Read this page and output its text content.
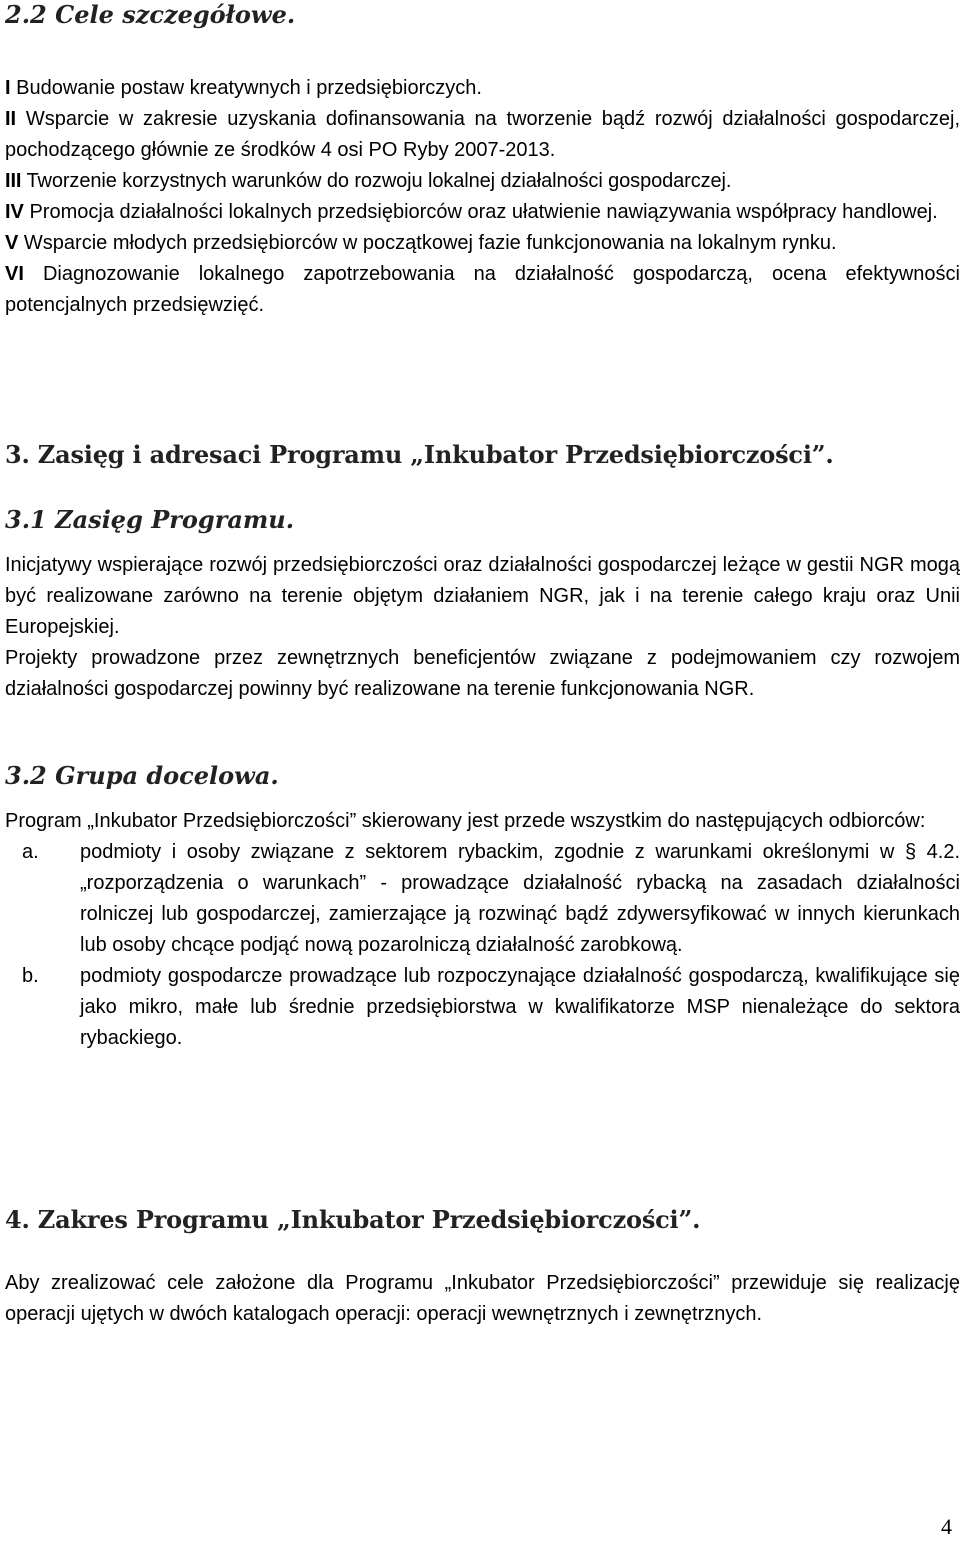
2.2 Cele szczegółowe.

I Budowanie postaw kreatywnych i przedsiębiorczych.

II Wsparcie w zakresie uzyskania dofinansowania na tworzenie bądź rozwój działalności gospodarczej, pochodzącego głównie ze środków 4 osi PO Ryby 2007-2013.

III Tworzenie korzystnych warunków do rozwoju lokalnej działalności gospodarczej.

IV Promocja działalności lokalnych przedsiębiorców oraz ułatwienie nawiązywania współpracy handlowej.

V Wsparcie młodych przedsiębiorców w początkowej fazie funkcjonowania na lokalnym rynku.

VI Diagnozowanie lokalnego zapotrzebowania na działalność gospodarczą, ocena efektywności potencjalnych przedsięwzięć.

3. Zasięg i adresaci Programu „Inkubator Przedsiębiorczości”.
3.1 Zasięg Programu.

Inicjatywy wspierające rozwój przedsiębiorczości oraz działalności gospodarczej leżące w gestii NGR mogą być realizowane zarówno na terenie objętym działaniem NGR, jak i na terenie całego kraju oraz Unii Europejskiej.

Projekty prowadzone przez zewnętrznych beneficjentów związane z podejmowaniem czy rozwojem działalności gospodarczej powinny być realizowane na terenie funkcjonowania NGR.

3.2 Grupa docelowa.

Program „Inkubator Przedsiębiorczości” skierowany jest przede wszystkim do następujących odbiorców:

a. podmioty i osoby związane z sektorem rybackim, zgodnie z warunkami określonymi w § 4.2. „rozporządzenia o warunkach” - prowadzące działalność rybacką na zasadach działalności rolniczej lub gospodarczej, zamierzające ją rozwinąć bądź zdywersyfikować w innych kierunkach lub osoby chcące podjąć nową pozarolniczą działalność zarobkową.
b. podmioty gospodarcze prowadzące lub rozpoczynające działalność gospodarczą, kwalifikujące się jako mikro, małe lub średnie przedsiębiorstwa w kwalifikatorze MSP nienależące do sektora rybackiego.
4. Zakres Programu „Inkubator Przedsiębiorczości”.

Aby zrealizować cele założone dla Programu „Inkubator Przedsiębiorczości” przewiduje się realizację operacji ujętych w dwóch katalogach operacji: operacji wewnętrznych i zewnętrznych.

4
